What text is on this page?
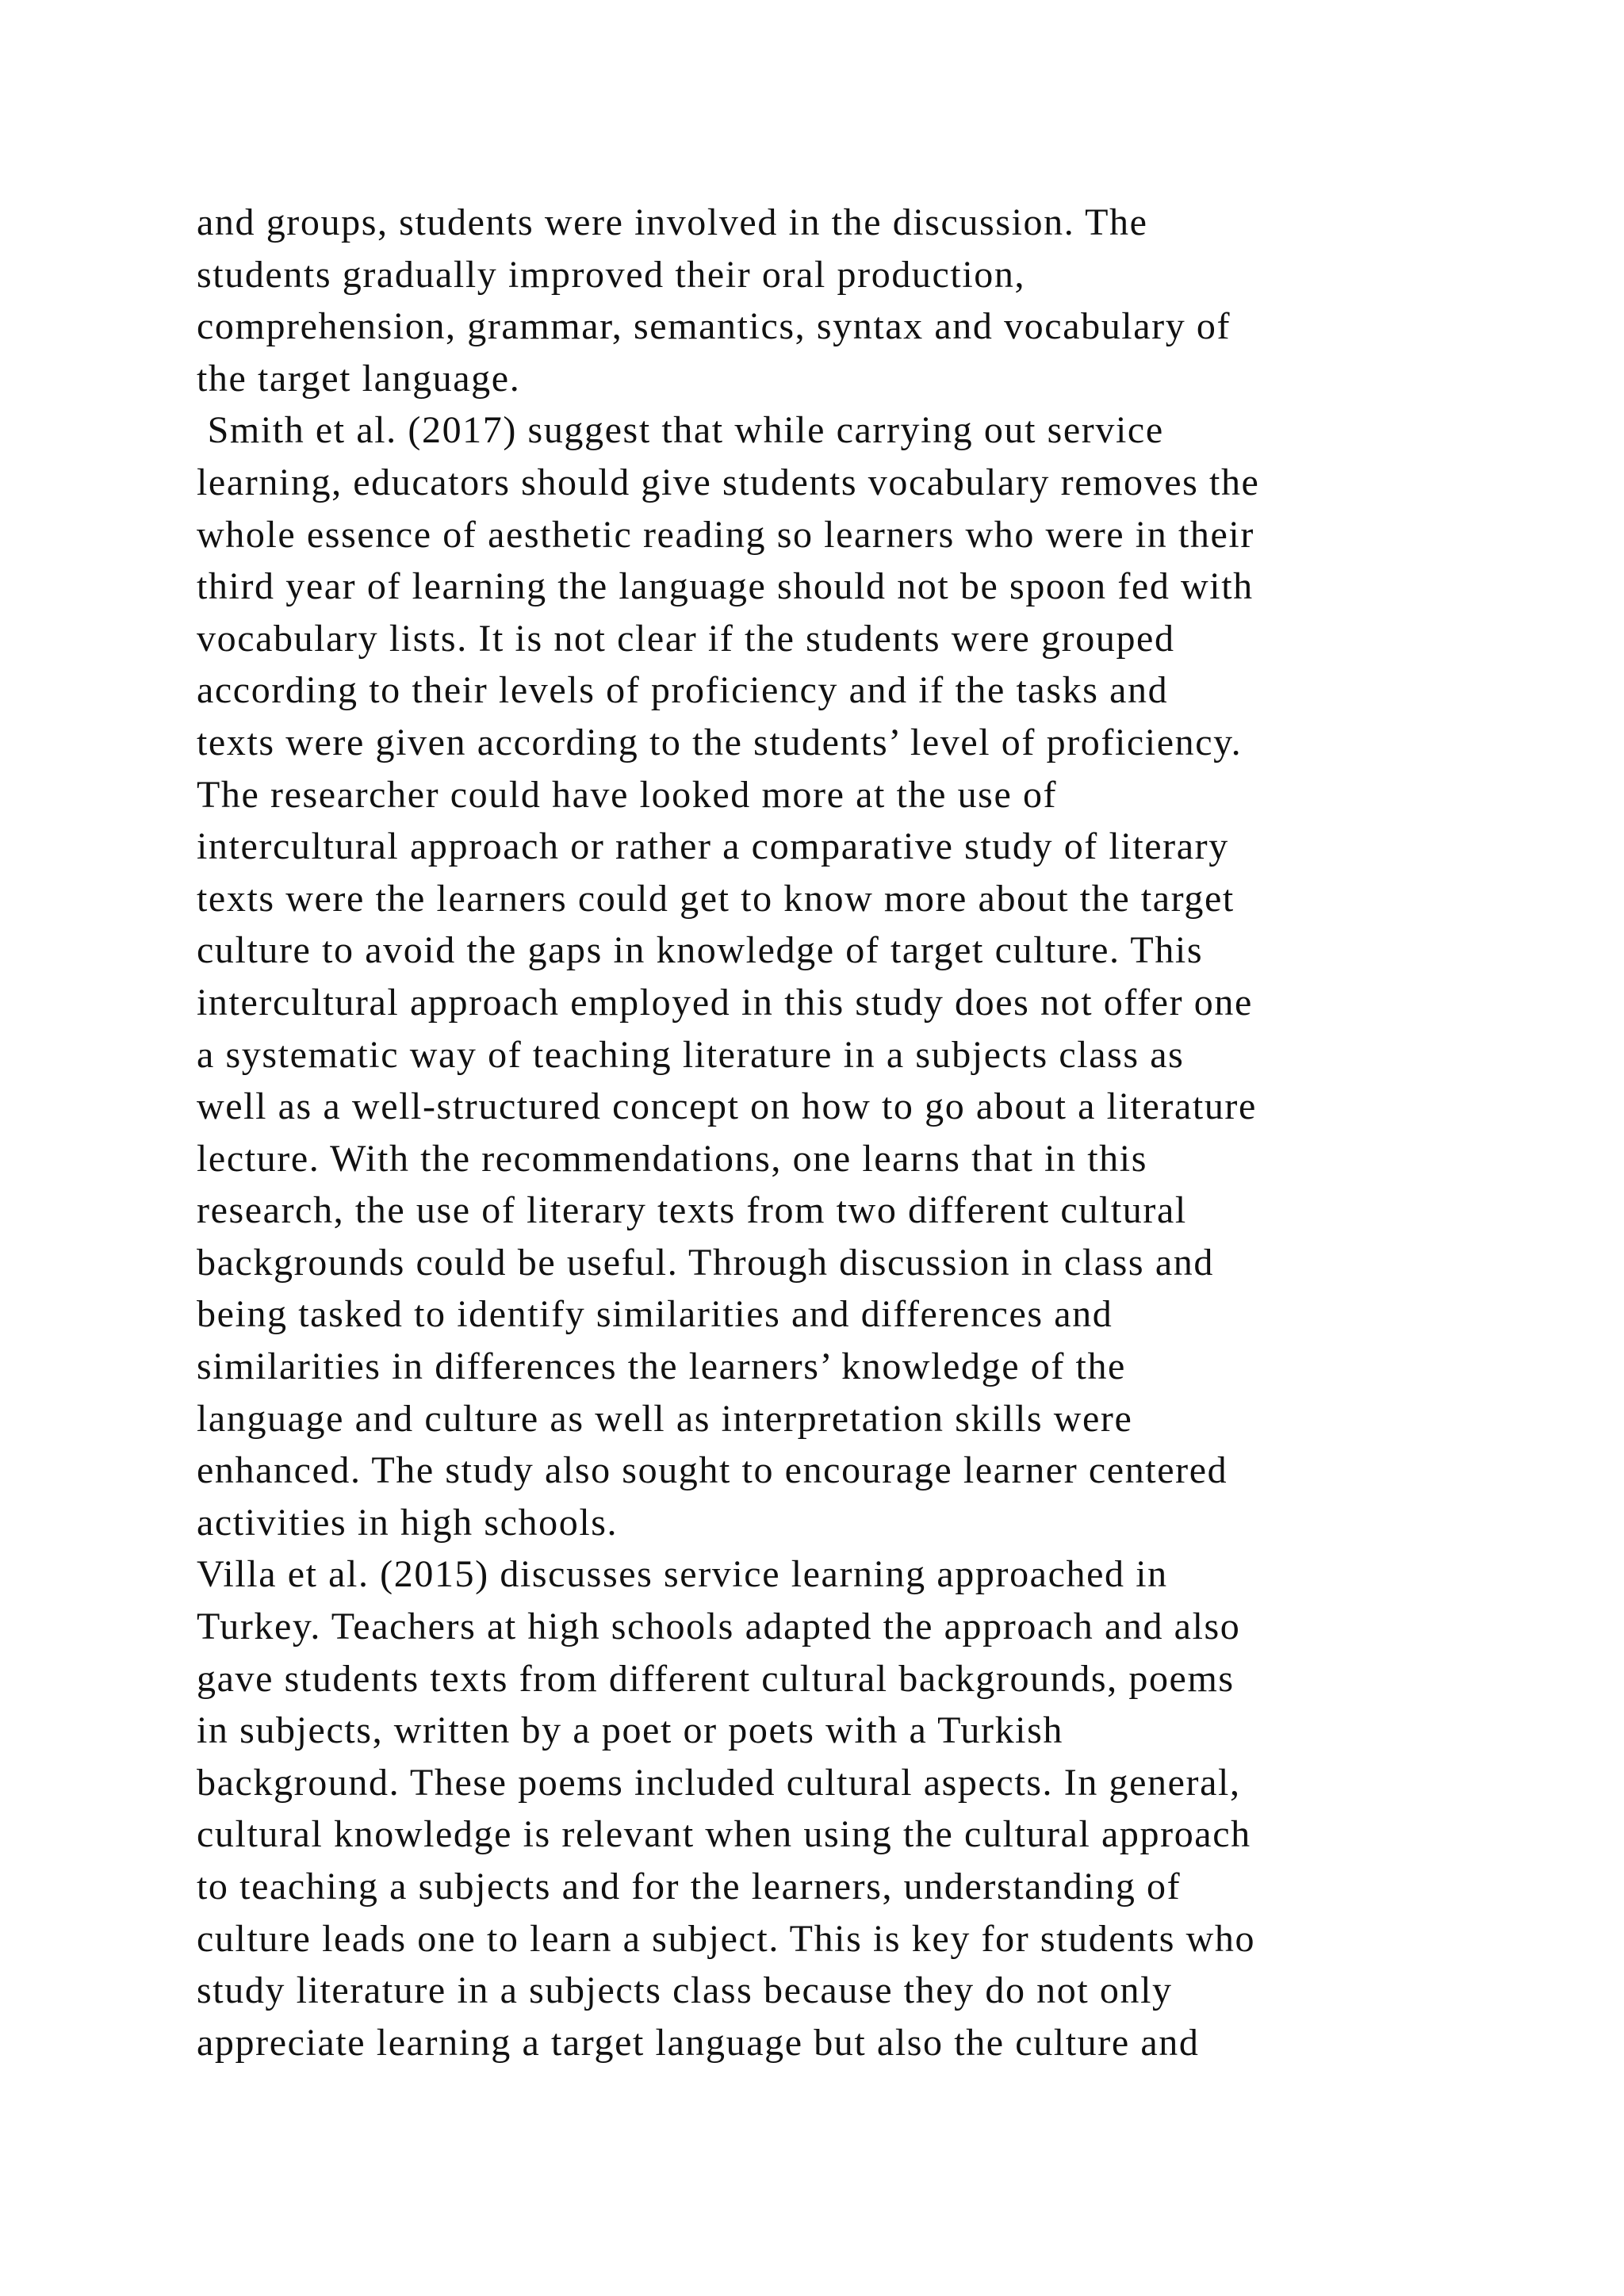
and groups, students were involved in the discussion. The
students gradually improved their oral production,
comprehension, grammar, semantics, syntax and vocabulary of
the target language.
Smith et al. (2017) suggest that while carrying out service
learning, educators should give students vocabulary removes the
whole essence of aesthetic reading so learners who were in their
third year of learning the language should not be spoon fed with
vocabulary lists. It is not clear if the students were grouped
according to their levels of proficiency and if the tasks and
texts were given according to the students’ level of proficiency.
The researcher could have looked more at the use of
intercultural approach or rather a comparative study of literary
texts were the learners could get to know more about the target
culture to avoid the gaps in knowledge of target culture. This
intercultural approach employed in this study does not offer one
a systematic way of teaching literature in a subjects class as
well as a well-structured concept on how to go about a literature
lecture. With the recommendations, one learns that in this
research, the use of literary texts from two different cultural
backgrounds could be useful. Through discussion in class and
being tasked to identify similarities and differences and
similarities in differences the learners’ knowledge of the
language and culture as well as interpretation skills were
enhanced. The study also sought to encourage learner centered
activities in high schools.
Villa et al. (2015) discusses service learning approached in
Turkey. Teachers at high schools adapted the approach and also
gave students texts from different cultural backgrounds, poems
in subjects, written by a poet or poets with a Turkish
background. These poems included cultural aspects. In general,
cultural knowledge is relevant when using the cultural approach
to teaching a subjects and for the learners, understanding of
culture leads one to learn a subject. This is key for students who
study literature in a subjects class because they do not only
appreciate learning a target language but also the culture and
